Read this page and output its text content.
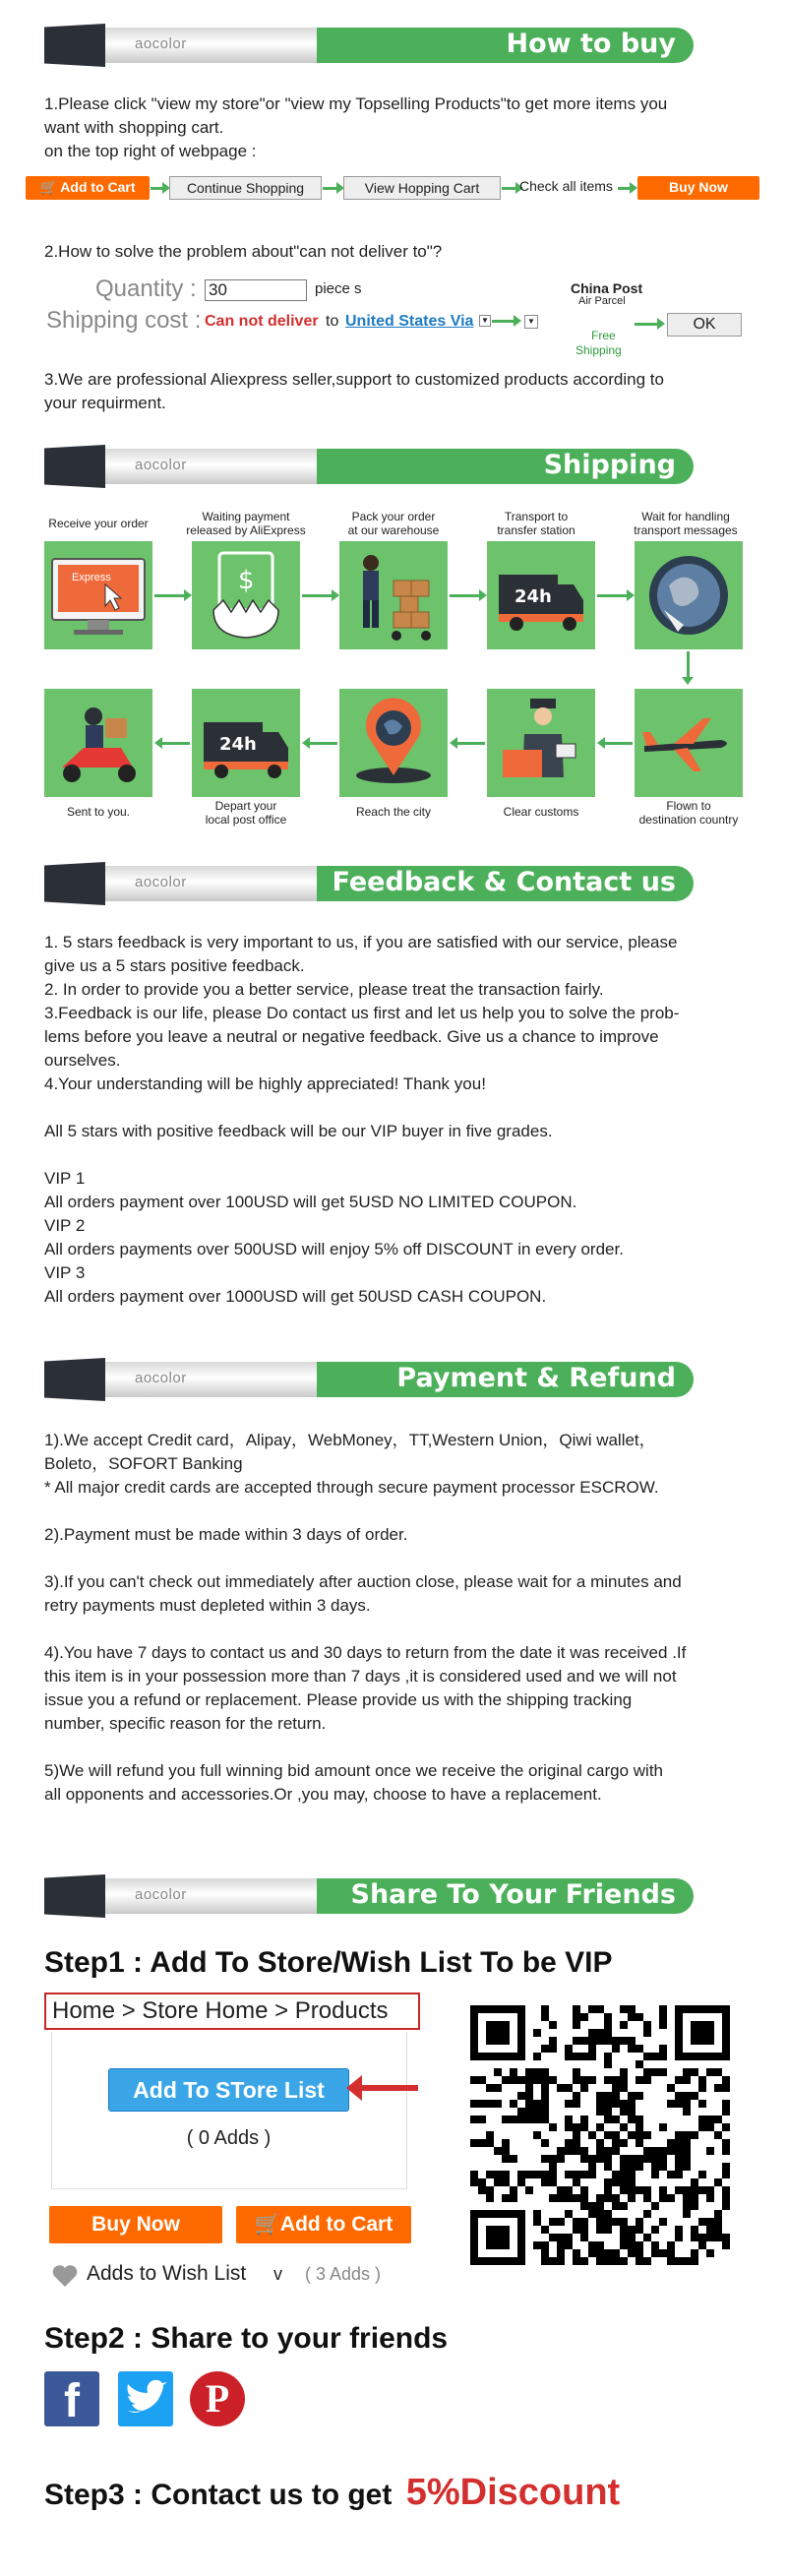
aocolor	How to buy
1.Please click "view my store"or "view my Topselling Products"to get more items you
want with shopping cart.
on the top right of webpage :
🛒 Add to Cart	Continue Shopping	View Hopping Cart	Check all items	Buy Now
2.How to solve the problem about"can not deliver to"?
Quantity : 30	piece s
Shipping cost : Can not deliver to United States Via ▼	▼
China Post
Air Parcel
Free
Shipping
OK
3.We are professional Aliexpress seller,support to customized products according to
your requirment.
aocolor	Shipping
Receive your order	Waiting payment
released by AliExpress
Pack your order
at our warehouse
Transport to
transfer station
Wait for handling
transport messages
Express	$
24h
24h
Sent to you.	Depart your
local post office
Reach the city	Clear customs	Flown to
destination country
aocolor	Feedback & Contact us
1. 5 stars feedback is very important to us, if you are satisfied with our service, please
give us a 5 stars positive feedback.
2. In order to provide you a better service, please treat the transaction fairly.
3.Feedback is our life, please Do contact us first and let us help you to solve the prob-
lems before you leave a neutral or negative feedback. Give us a chance to improve
ourselves.
4.Your understanding will be highly appreciated! Thank you!
All 5 stars with positive feedback will be our VIP buyer in five grades.
VIP 1
All orders payment over 100USD will get 5USD NO LIMITED COUPON.
VIP 2
All orders payments over 500USD will enjoy 5% off DISCOUNT in every order.
VIP 3
All orders payment over 1000USD will get 50USD CASH COUPON.
aocolor	Payment & Refund
1).We accept Credit card，Alipay，WebMoney，TT,Western Union，Qiwi wallet，
Boleto，SOFORT Banking
* All major credit cards are accepted through secure payment processor ESCROW.
2).Payment must be made within 3 days of order.
3).If you can't check out immediately after auction close, please wait for a minutes and
retry payments must depleted within 3 days.
4).You have 7 days to contact us and 30 days to return from the date it was received .If
this item is in your possession more than 7 days ,it is considered used and we will not
issue you a refund or replacement. Please provide us with the shipping tracking
number, specific reason for the return.
5)We will refund you full winning bid amount once we receive the original cargo with
all opponents and accessories.Or ,you may, choose to have a replacement.
aocolor	Share To Your Friends
Step1 : Add To Store/Wish List To be VIP
Home > Store Home > Products
Add To STore List
( 0 Adds )
Buy Now	🛒Add to Cart
Adds to Wish List v ( 3 Adds )
Step2 : Share to your friends
f	P
Step3 : Contact us to get 5%Discount
